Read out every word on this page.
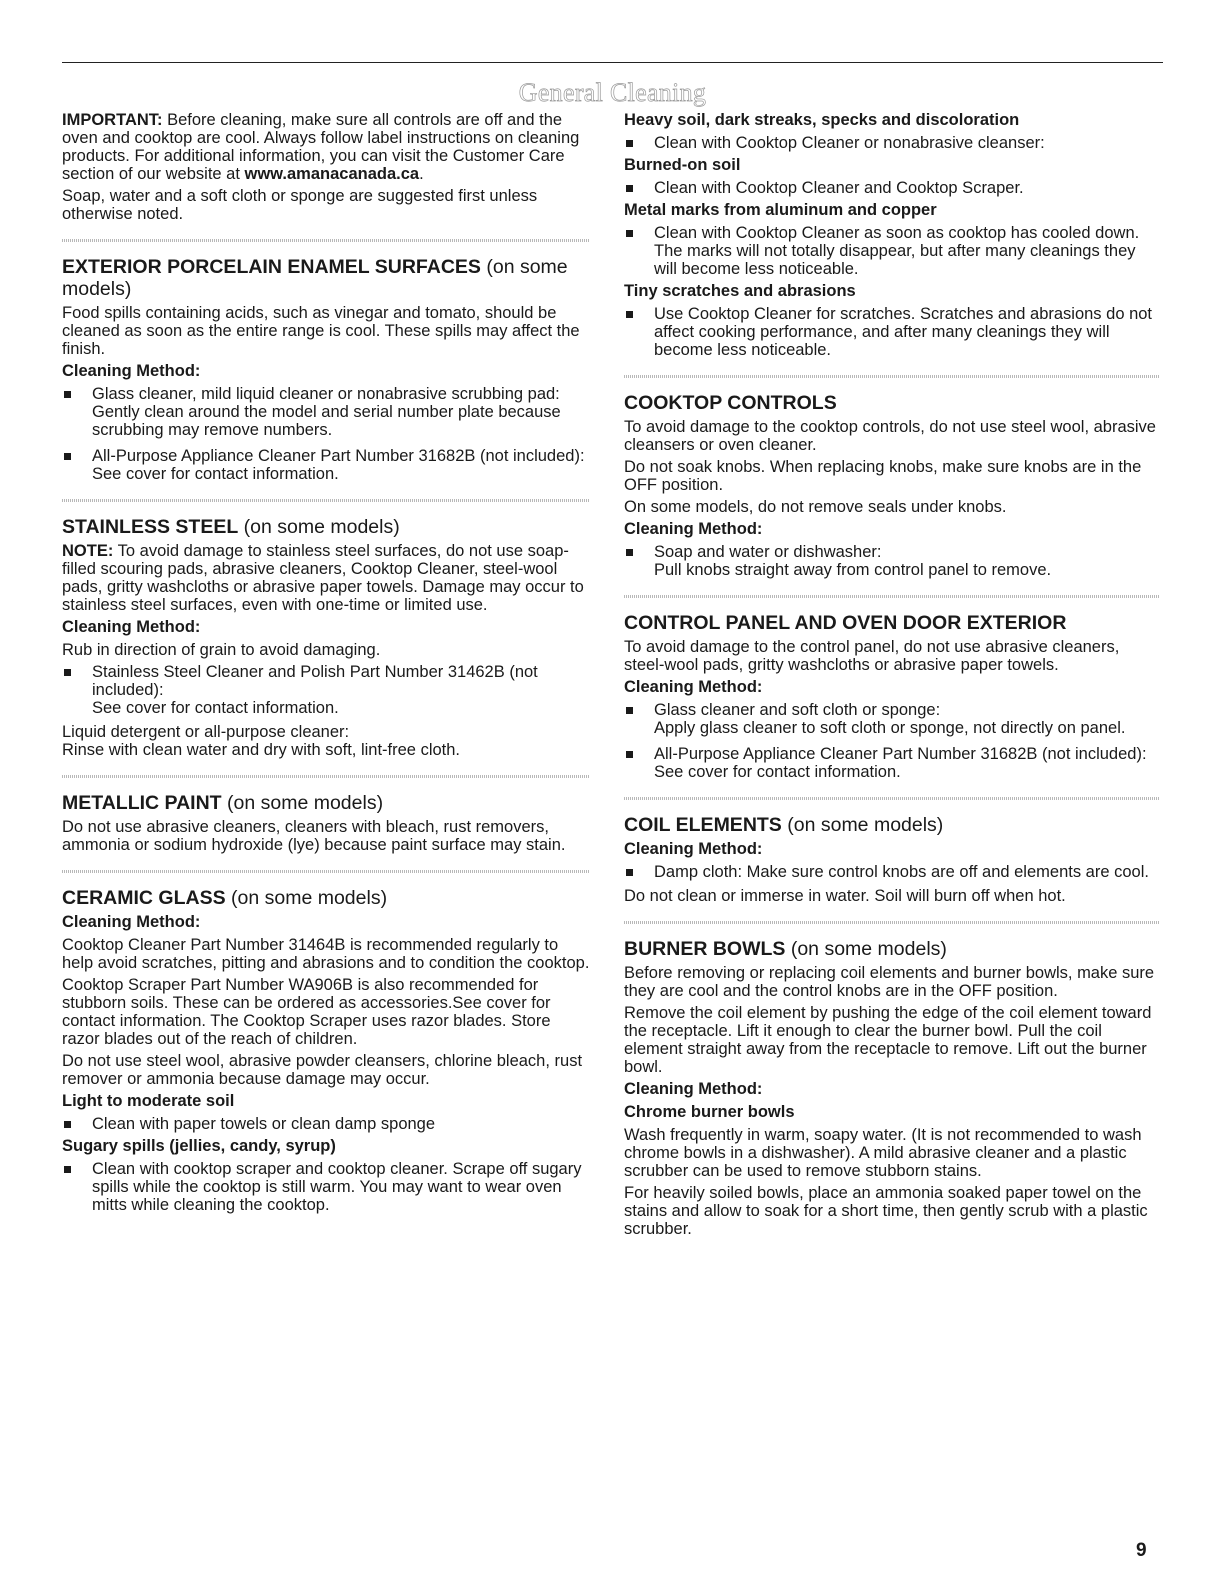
General Cleaning

IMPORTANT: Before cleaning, make sure all controls are off and the oven and cooktop are cool. Always follow label instructions on cleaning products. For additional information, you can visit the Customer Care section of our website at www.amanacanada.ca.

Soap, water and a soft cloth or sponge are suggested first unless otherwise noted.

EXTERIOR PORCELAIN ENAMEL SURFACES (on some models)

Food spills containing acids, such as vinegar and tomato, should be cleaned as soon as the entire range is cool. These spills may affect the finish.

Cleaning Method:

Glass cleaner, mild liquid cleaner or nonabrasive scrubbing pad:

Gently clean around the model and serial number plate because scrubbing may remove numbers.

All-Purpose Appliance Cleaner Part Number 31682B (not included):

See cover for contact information.

STAINLESS STEEL (on some models)

NOTE: To avoid damage to stainless steel surfaces, do not use soap-filled scouring pads, abrasive cleaners, Cooktop Cleaner, steel-wool pads, gritty washcloths or abrasive paper towels. Damage may occur to stainless steel surfaces, even with one-time or limited use.

Cleaning Method:

Rub in direction of grain to avoid damaging.

Stainless Steel Cleaner and Polish Part Number 31462B (not included):

See cover for contact information.

Liquid detergent or all-purpose cleaner:
Rinse with clean water and dry with soft, lint-free cloth.

METALLIC PAINT (on some models)

Do not use abrasive cleaners, cleaners with bleach, rust removers, ammonia or sodium hydroxide (lye) because paint surface may stain.

CERAMIC GLASS (on some models)
Cleaning Method:

Cooktop Cleaner Part Number 31464B is recommended regularly to help avoid scratches, pitting and abrasions and to condition the cooktop.

Cooktop Scraper Part Number WA906B is also recommended for stubborn soils. These can be ordered as accessories.See cover for contact information. The Cooktop Scraper uses razor blades. Store razor blades out of the reach of children.

Do not use steel wool, abrasive powder cleansers, chlorine bleach, rust remover or ammonia because damage may occur.

Light to moderate soil

Clean with paper towels or clean damp sponge

Sugary spills (jellies, candy, syrup)

Clean with cooktop scraper and cooktop cleaner. Scrape off sugary spills while the cooktop is still warm. You may want to wear oven mitts while cleaning the cooktop.

Heavy soil, dark streaks, specks and discoloration

Clean with Cooktop Cleaner or nonabrasive cleanser:

Burned-on soil

Clean with Cooktop Cleaner and Cooktop Scraper.

Metal marks from aluminum and copper

Clean with Cooktop Cleaner as soon as cooktop has cooled down. The marks will not totally disappear, but after many cleanings they will become less noticeable.

Tiny scratches and abrasions

Use Cooktop Cleaner for scratches. Scratches and abrasions do not affect cooking performance, and after many cleanings they will become less noticeable.

COOKTOP CONTROLS

To avoid damage to the cooktop controls, do not use steel wool, abrasive cleansers or oven cleaner.

Do not soak knobs. When replacing knobs, make sure knobs are in the OFF position.

On some models, do not remove seals under knobs.

Cleaning Method:

Soap and water or dishwasher:

Pull knobs straight away from control panel to remove.

CONTROL PANEL AND OVEN DOOR EXTERIOR

To avoid damage to the control panel, do not use abrasive cleaners, steel-wool pads, gritty washcloths or abrasive paper towels.

Cleaning Method:

Glass cleaner and soft cloth or sponge:

Apply glass cleaner to soft cloth or sponge, not directly on panel.

All-Purpose Appliance Cleaner Part Number 31682B (not included):

See cover for contact information.

COIL ELEMENTS (on some models)
Cleaning Method:

Damp cloth: Make sure control knobs are off and elements are cool.

Do not clean or immerse in water. Soil will burn off when hot.

BURNER BOWLS (on some models)

Before removing or replacing coil elements and burner bowls, make sure they are cool and the control knobs are in the OFF position.

Remove the coil element by pushing the edge of the coil element toward the receptacle. Lift it enough to clear the burner bowl. Pull the coil element straight away from the receptacle to remove. Lift out the burner bowl.

Cleaning Method:
Chrome burner bowls

Wash frequently in warm, soapy water. (It is not recommended to wash chrome bowls in a dishwasher). A mild abrasive cleaner and a plastic scrubber can be used to remove stubborn stains.

For heavily soiled bowls, place an ammonia soaked paper towel on the stains and allow to soak for a short time, then gently scrub with a plastic scrubber.

9
